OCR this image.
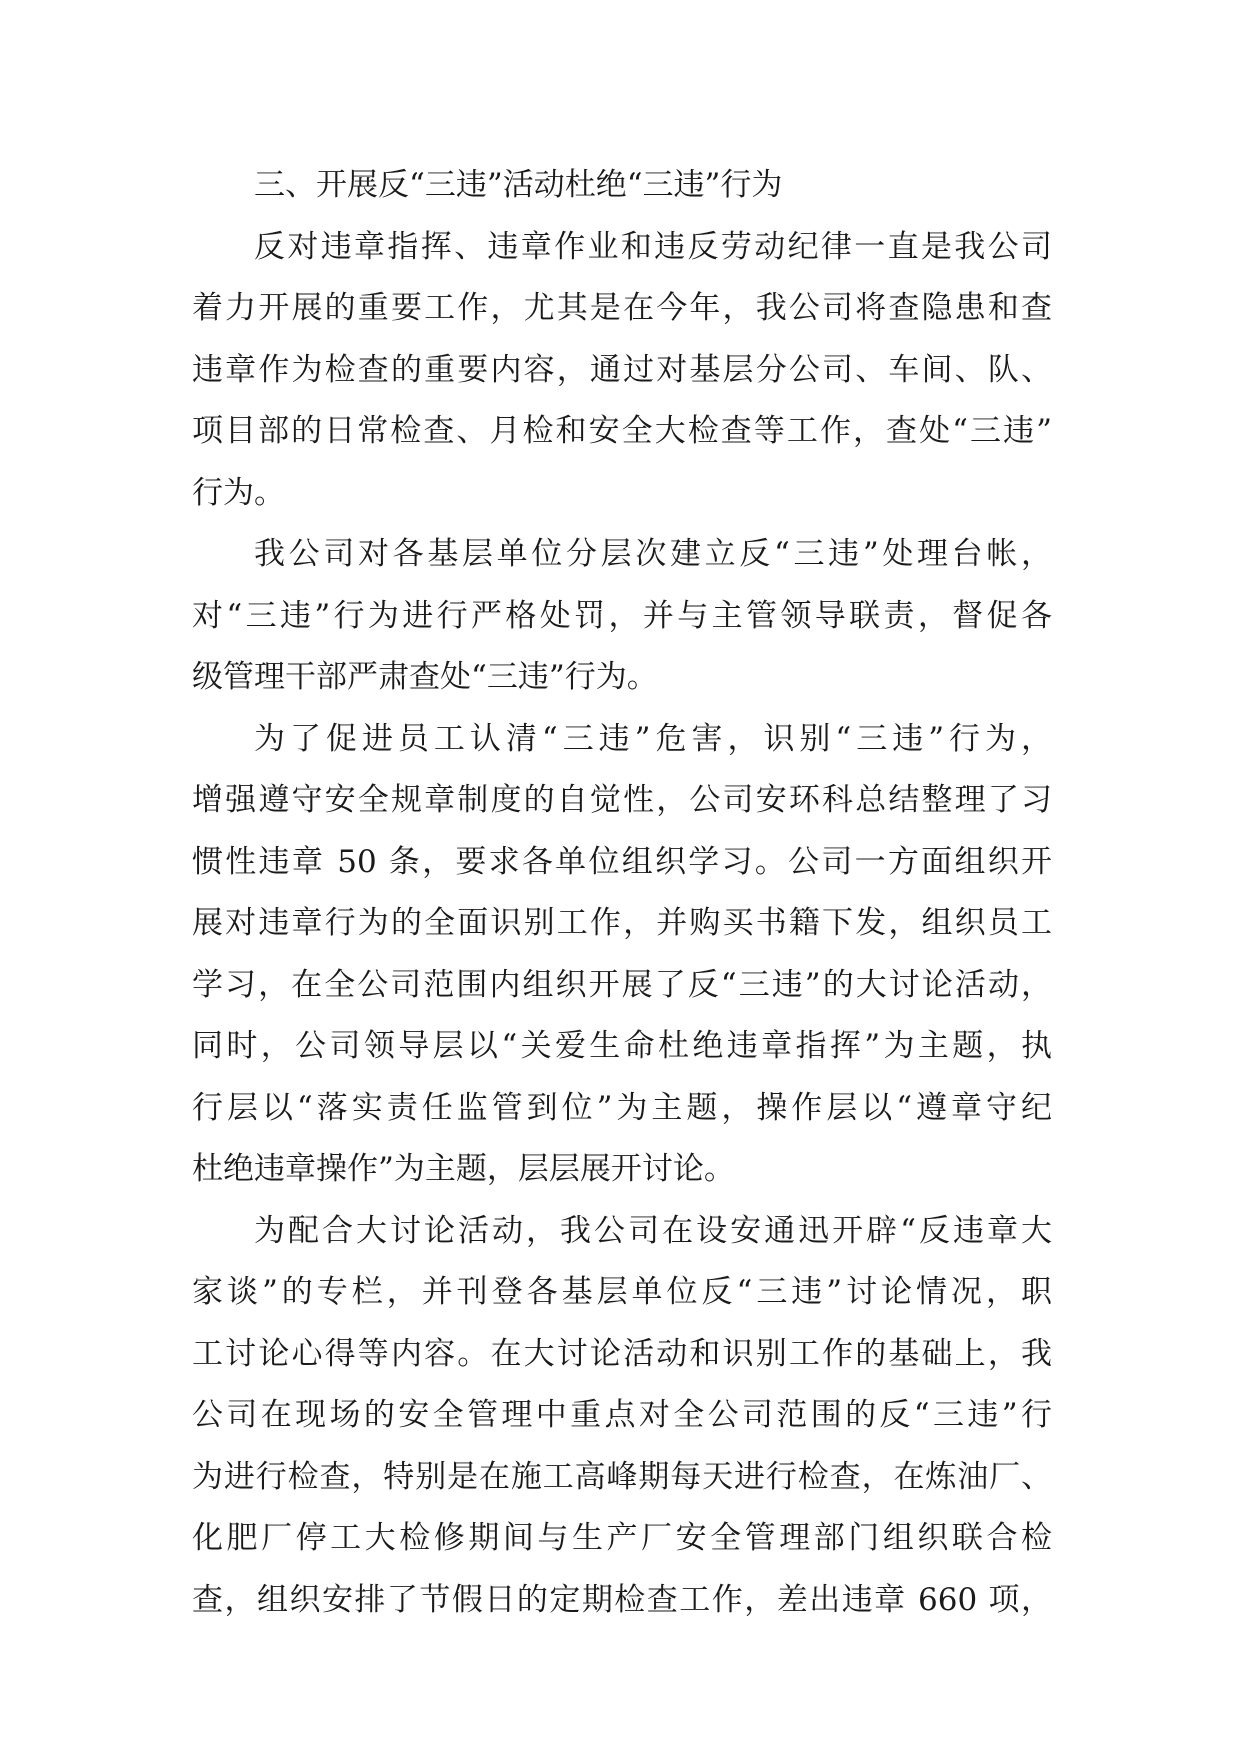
三、开展反“三违”活动杜绝“三违”行为
反对违章指挥、违章作业和违反劳动纪律一直是我公司
着力开展的重要工作，尤其是在今年，我公司将查隐患和查
违章作为检查的重要内容，通过对基层分公司、车间、队、
项目部的日常检查、月检和安全大检查等工作，查处“三违”
行为。
我公司对各基层单位分层次建立反“三违”处理台帐，
对“三违”行为进行严格处罚，并与主管领导联责，督促各
级管理干部严肃查处“三违”行为。
为了促进员工认清“三违”危害，识别“三违”行为，
增强遵守安全规章制度的自觉性，公司安环科总结整理了习
惯性违章 50 条，要求各单位组织学习。公司一方面组织开
展对违章行为的全面识别工作，并购买书籍下发，组织员工
学习，在全公司范围内组织开展了反“三违”的大讨论活动，
同时，公司领导层以“关爱生命杜绝违章指挥”为主题，执
行层以“落实责任监管到位”为主题，操作层以“遵章守纪
杜绝违章操作”为主题，层层展开讨论。
为配合大讨论活动，我公司在设安通迅开辟“反违章大
家谈”的专栏，并刊登各基层单位反“三违”讨论情况，职
工讨论心得等内容。在大讨论活动和识别工作的基础上，我
公司在现场的安全管理中重点对全公司范围的反“三违”行
为进行检查，特别是在施工高峰期每天进行检查，在炼油厂、
化肥厂停工大检修期间与生产厂安全管理部门组织联合检
查，组织安排了节假日的定期检查工作，差出违章 660 项，
